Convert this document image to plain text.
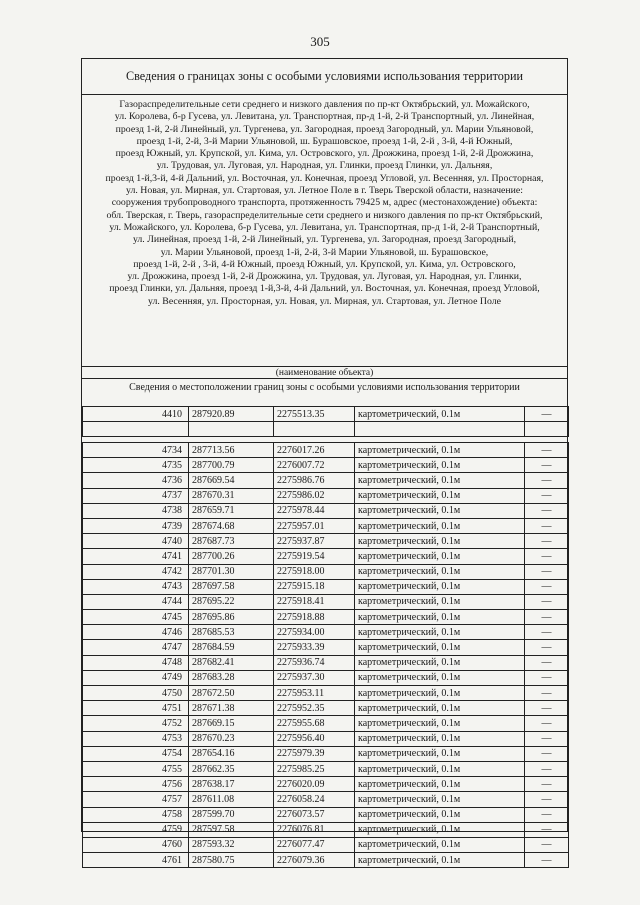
305
Сведения о границах зоны с особыми условиями использования территории
Газораспределительные сети среднего и низкого давления по пр-кт Октябрьский, ул. Можайского,
ул. Королева, б-р Гусева, ул. Левитана, ул. Транспортная, пр-д 1-й, 2-й Транспортный, ул. Линейная,
проезд 1-й, 2-й Линейный, ул. Тургенева, ул. Загородная, проезд Загородный, ул. Марии Ульяновой,
проезд 1-й, 2-й, 3-й Марии Ульяновой, ш. Бурашовское, проезд 1-й, 2-й , 3-й, 4-й Южный,
проезд Южный, ул. Крупской, ул. Кима, ул. Островского, ул. Дрожжина, проезд 1-й, 2-й Дрожжина,
ул. Трудовая, ул. Луговая, ул. Народная, ул. Глинки, проезд Глинки, ул. Дальняя,
проезд 1-й,3-й, 4-й Дальний, ул. Восточная, ул. Конечная, проезд Угловой, ул. Весенняя, ул. Просторная,
ул. Новая, ул. Мирная, ул. Стартовая, ул. Летное Поле в г. Тверь Тверской области, назначение:
сооружения трубопроводного транспорта, протяженность 79425 м, адрес (местонахождение) объекта:
обл. Тверская, г. Тверь, газораспределительные сети среднего и низкого давления по пр-кт Октябрьский,
ул. Можайского, ул. Королева, б-р Гусева, ул. Левитана, ул. Транспортная, пр-д 1-й, 2-й Транспортный,
ул. Линейная, проезд 1-й, 2-й Линейный, ул. Тургенева, ул. Загородная, проезд Загородный,
ул. Марии Ульяновой, проезд 1-й, 2-й, 3-й Марии Ульяновой, ш. Бурашовское,
проезд 1-й, 2-й , 3-й, 4-й Южный, проезд Южный, ул. Крупской, ул. Кима, ул. Островского,
ул. Дрожжина, проезд 1-й, 2-й Дрожжина, ул. Трудовая, ул. Луговая, ул. Народная, ул. Глинки,
проезд Глинки, ул. Дальняя, проезд 1-й,3-й, 4-й Дальний, ул. Восточная, ул. Конечная, проезд Угловой,
ул. Весенняя, ул. Просторная, ул. Новая, ул. Мирная, ул. Стартовая, ул. Летное Поле
(наименование объекта)
Сведения о местоположении границ зоны с особыми условиями использования территории
4410	287920.89	2275513.35	картометрический, 0.1м	—

4734	287713.56	2276017.26	картометрический, 0.1м	—
4735	287700.79	2276007.72	картометрический, 0.1м	—
4736	287669.54	2275986.76	картометрический, 0.1м	—
4737	287670.31	2275986.02	картометрический, 0.1м	—
4738	287659.71	2275978.44	картометрический, 0.1м	—
4739	287674.68	2275957.01	картометрический, 0.1м	—
4740	287687.73	2275937.87	картометрический, 0.1м	—
4741	287700.26	2275919.54	картометрический, 0.1м	—
4742	287701.30	2275918.00	картометрический, 0.1м	—
4743	287697.58	2275915.18	картометрический, 0.1м	—
4744	287695.22	2275918.41	картометрический, 0.1м	—
4745	287695.86	2275918.88	картометрический, 0.1м	—
4746	287685.53	2275934.00	картометрический, 0.1м	—
4747	287684.59	2275933.39	картометрический, 0.1м	—
4748	287682.41	2275936.74	картометрический, 0.1м	—
4749	287683.28	2275937.30	картометрический, 0.1м	—
4750	287672.50	2275953.11	картометрический, 0.1м	—
4751	287671.38	2275952.35	картометрический, 0.1м	—
4752	287669.15	2275955.68	картометрический, 0.1м	—
4753	287670.23	2275956.40	картометрический, 0.1м	—
4754	287654.16	2275979.39	картометрический, 0.1м	—
4755	287662.35	2275985.25	картометрический, 0.1м	—
4756	287638.17	2276020.09	картометрический, 0.1м	—
4757	287611.08	2276058.24	картометрический, 0.1м	—
4758	287599.70	2276073.57	картометрический, 0.1м	—
4759	287597.58	2276076.81	картометрический, 0.1м	—
4760	287593.32	2276077.47	картометрический, 0.1м	—
4761	287580.75	2276079.36	картометрический, 0.1м	—
